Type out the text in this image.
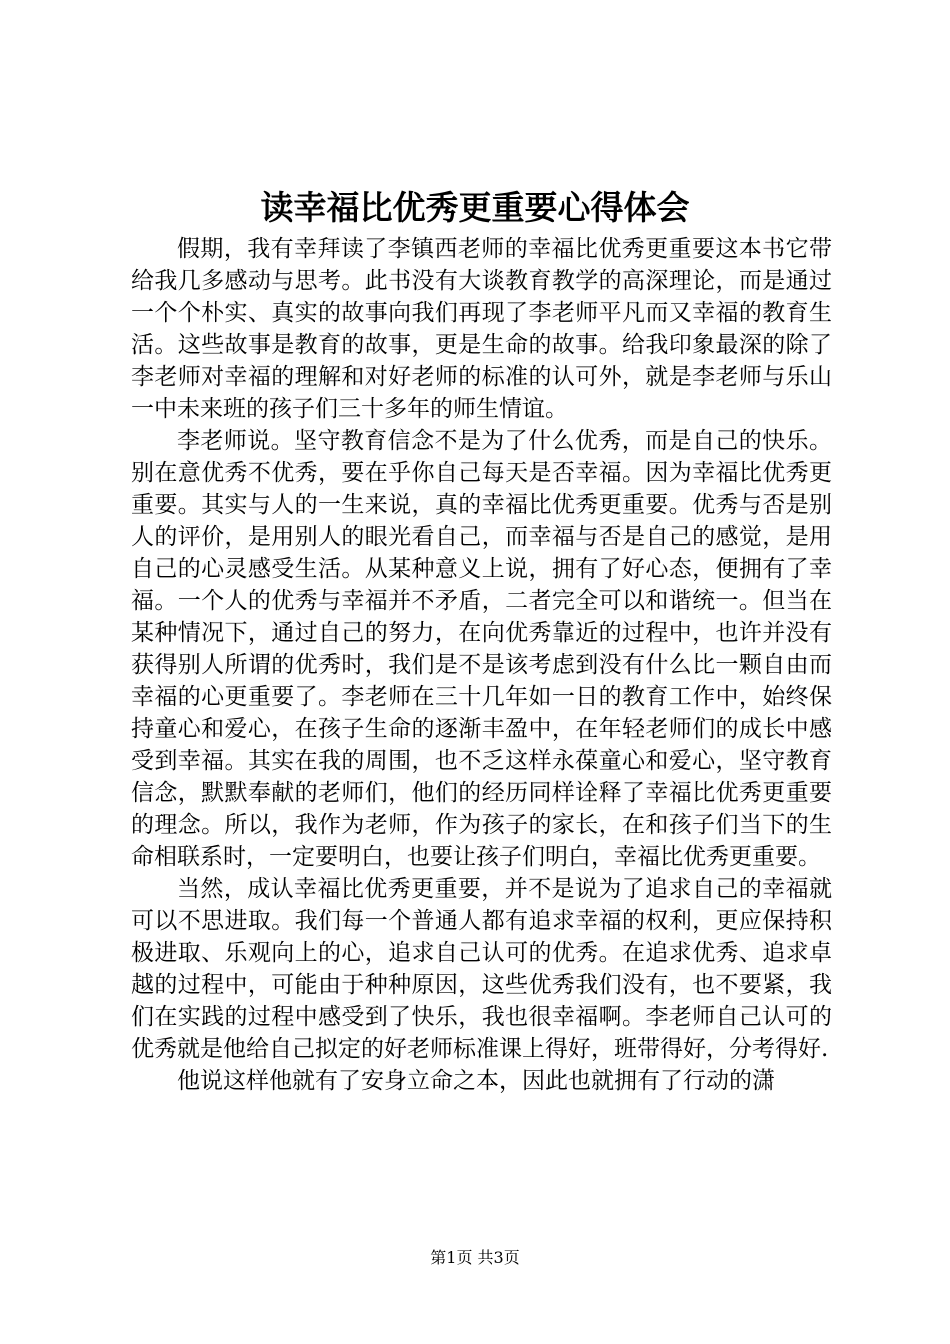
读幸福比优秀更重要心得体会

假期，我有幸拜读了李镇西老师的幸福比优秀更重要这本书它带给我几多感动与思考。此书没有大谈教育教学的高深理论，而是通过一个个朴实、真实的故事向我们再现了李老师平凡而又幸福的教育生活。这些故事是教育的故事，更是生命的故事。给我印象最深的除了李老师对幸福的理解和对好老师的标准的认可外，就是李老师与乐山一中未来班的孩子们三十多年的师生情谊。

李老师说。坚守教育信念不是为了什么优秀，而是自己的快乐。别在意优秀不优秀，要在乎你自己每天是否幸福。因为幸福比优秀更重要。其实与人的一生来说，真的幸福比优秀更重要。优秀与否是别人的评价，是用别人的眼光看自己，而幸福与否是自己的感觉，是用自己的心灵感受生活。从某种意义上说，拥有了好心态，便拥有了幸福。一个人的优秀与幸福并不矛盾，二者完全可以和谐统一。但当在某种情况下，通过自己的努力，在向优秀靠近的过程中，也许并没有获得别人所谓的优秀时，我们是不是该考虑到没有什么比一颗自由而幸福的心更重要了。李老师在三十几年如一日的教育工作中，始终保持童心和爱心，在孩子生命的逐渐丰盈中，在年轻老师们的成长中感受到幸福。其实在我的周围，也不乏这样永葆童心和爱心，坚守教育信念，默默奉献的老师们，他们的经历同样诠释了幸福比优秀更重要的理念。所以，我作为老师，作为孩子的家长，在和孩子们当下的生命相联系时，一定要明白，也要让孩子们明白，幸福比优秀更重要。

当然，成认幸福比优秀更重要，并不是说为了追求自己的幸福就可以不思进取。我们每一个普通人都有追求幸福的权利，更应保持积极进取、乐观向上的心，追求自己认可的优秀。在追求优秀、追求卓越的过程中，可能由于种种原因，这些优秀我们没有，也不要紧，我们在实践的过程中感受到了快乐，我也很幸福啊。李老师自己认可的优秀就是他给自己拟定的好老师标准课上得好，班带得好，分考得好.

他说这样他就有了安身立命之本，因此也就拥有了行动的潇

第1页 共3页
